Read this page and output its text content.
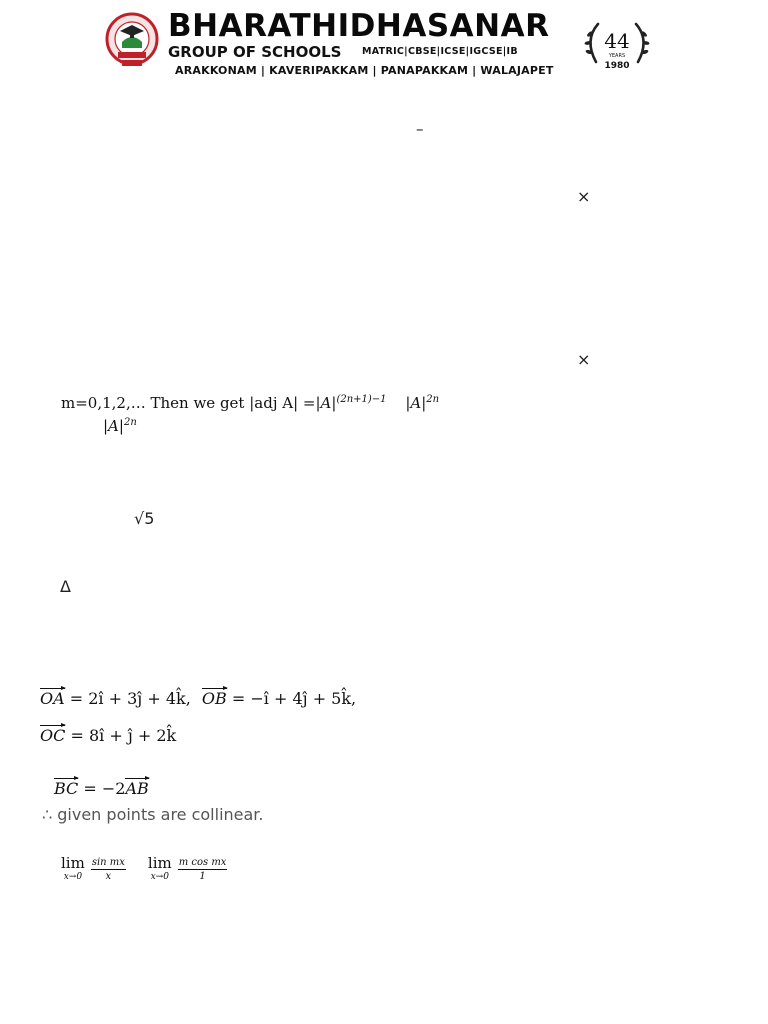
BHARATHIDHASANAR
GROUP OF SCHOOLS MATRIC|CBSE|ICSE|IGCSE|IB
ARAKKONAM | KAVERIPAKKAM | PANAPAKKAM | WALAJAPET
44
YEARS
1980
–
×
×
m=0,1,2,… Then we get |adj $A| =|A|^{(2n+1)-1}$ $|A|^{2n}$
$|A|^{2n}$
√5
Δ
OA = 2î + 3ĵ + 4k̂, OB = −î + 4ĵ + 5k̂,
OC = 8î + ĵ + 2k̂
BC = −2AB
∴ given points are collinear.
lim
x→0
$\frac{\text{sin mx}}{x}$
lim
x→0
$\frac{\text{m cos mx}}{1}$
